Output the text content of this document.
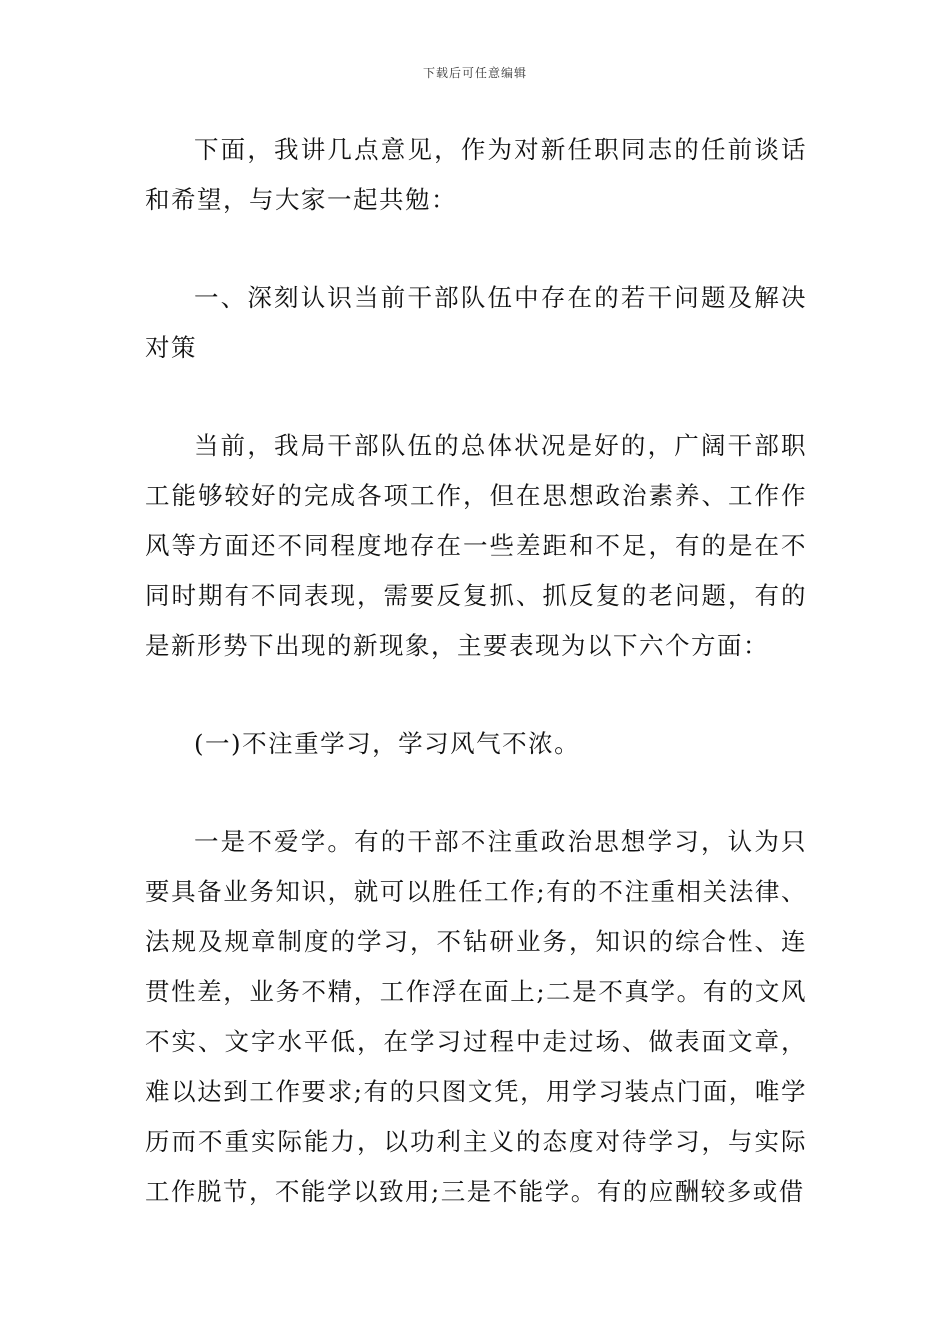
下载后可任意编辑

下面，我讲几点意见，作为对新任职同志的任前谈话和希望，与大家一起共勉：

一、深刻认识当前干部队伍中存在的若干问题及解决对策

当前，我局干部队伍的总体状况是好的，广阔干部职工能够较好的完成各项工作，但在思想政治素养、工作作风等方面还不同程度地存在一些差距和不足，有的是在不同时期有不同表现，需要反复抓、抓反复的老问题，有的是新形势下出现的新现象，主要表现为以下六个方面：

(一)不注重学习，学习风气不浓。

一是不爱学。有的干部不注重政治思想学习，认为只要具备业务知识，就可以胜任工作;有的不注重相关法律、法规及规章制度的学习，不钻研业务，知识的综合性、连贯性差，业务不精，工作浮在面上;二是不真学。有的文风不实、文字水平低，在学习过程中走过场、做表面文章，难以达到工作要求;有的只图文凭，用学习装点门面，唯学历而不重实际能力，以功利主义的态度对待学习，与实际工作脱节，不能学以致用;三是不能学。有的应酬较多或借
